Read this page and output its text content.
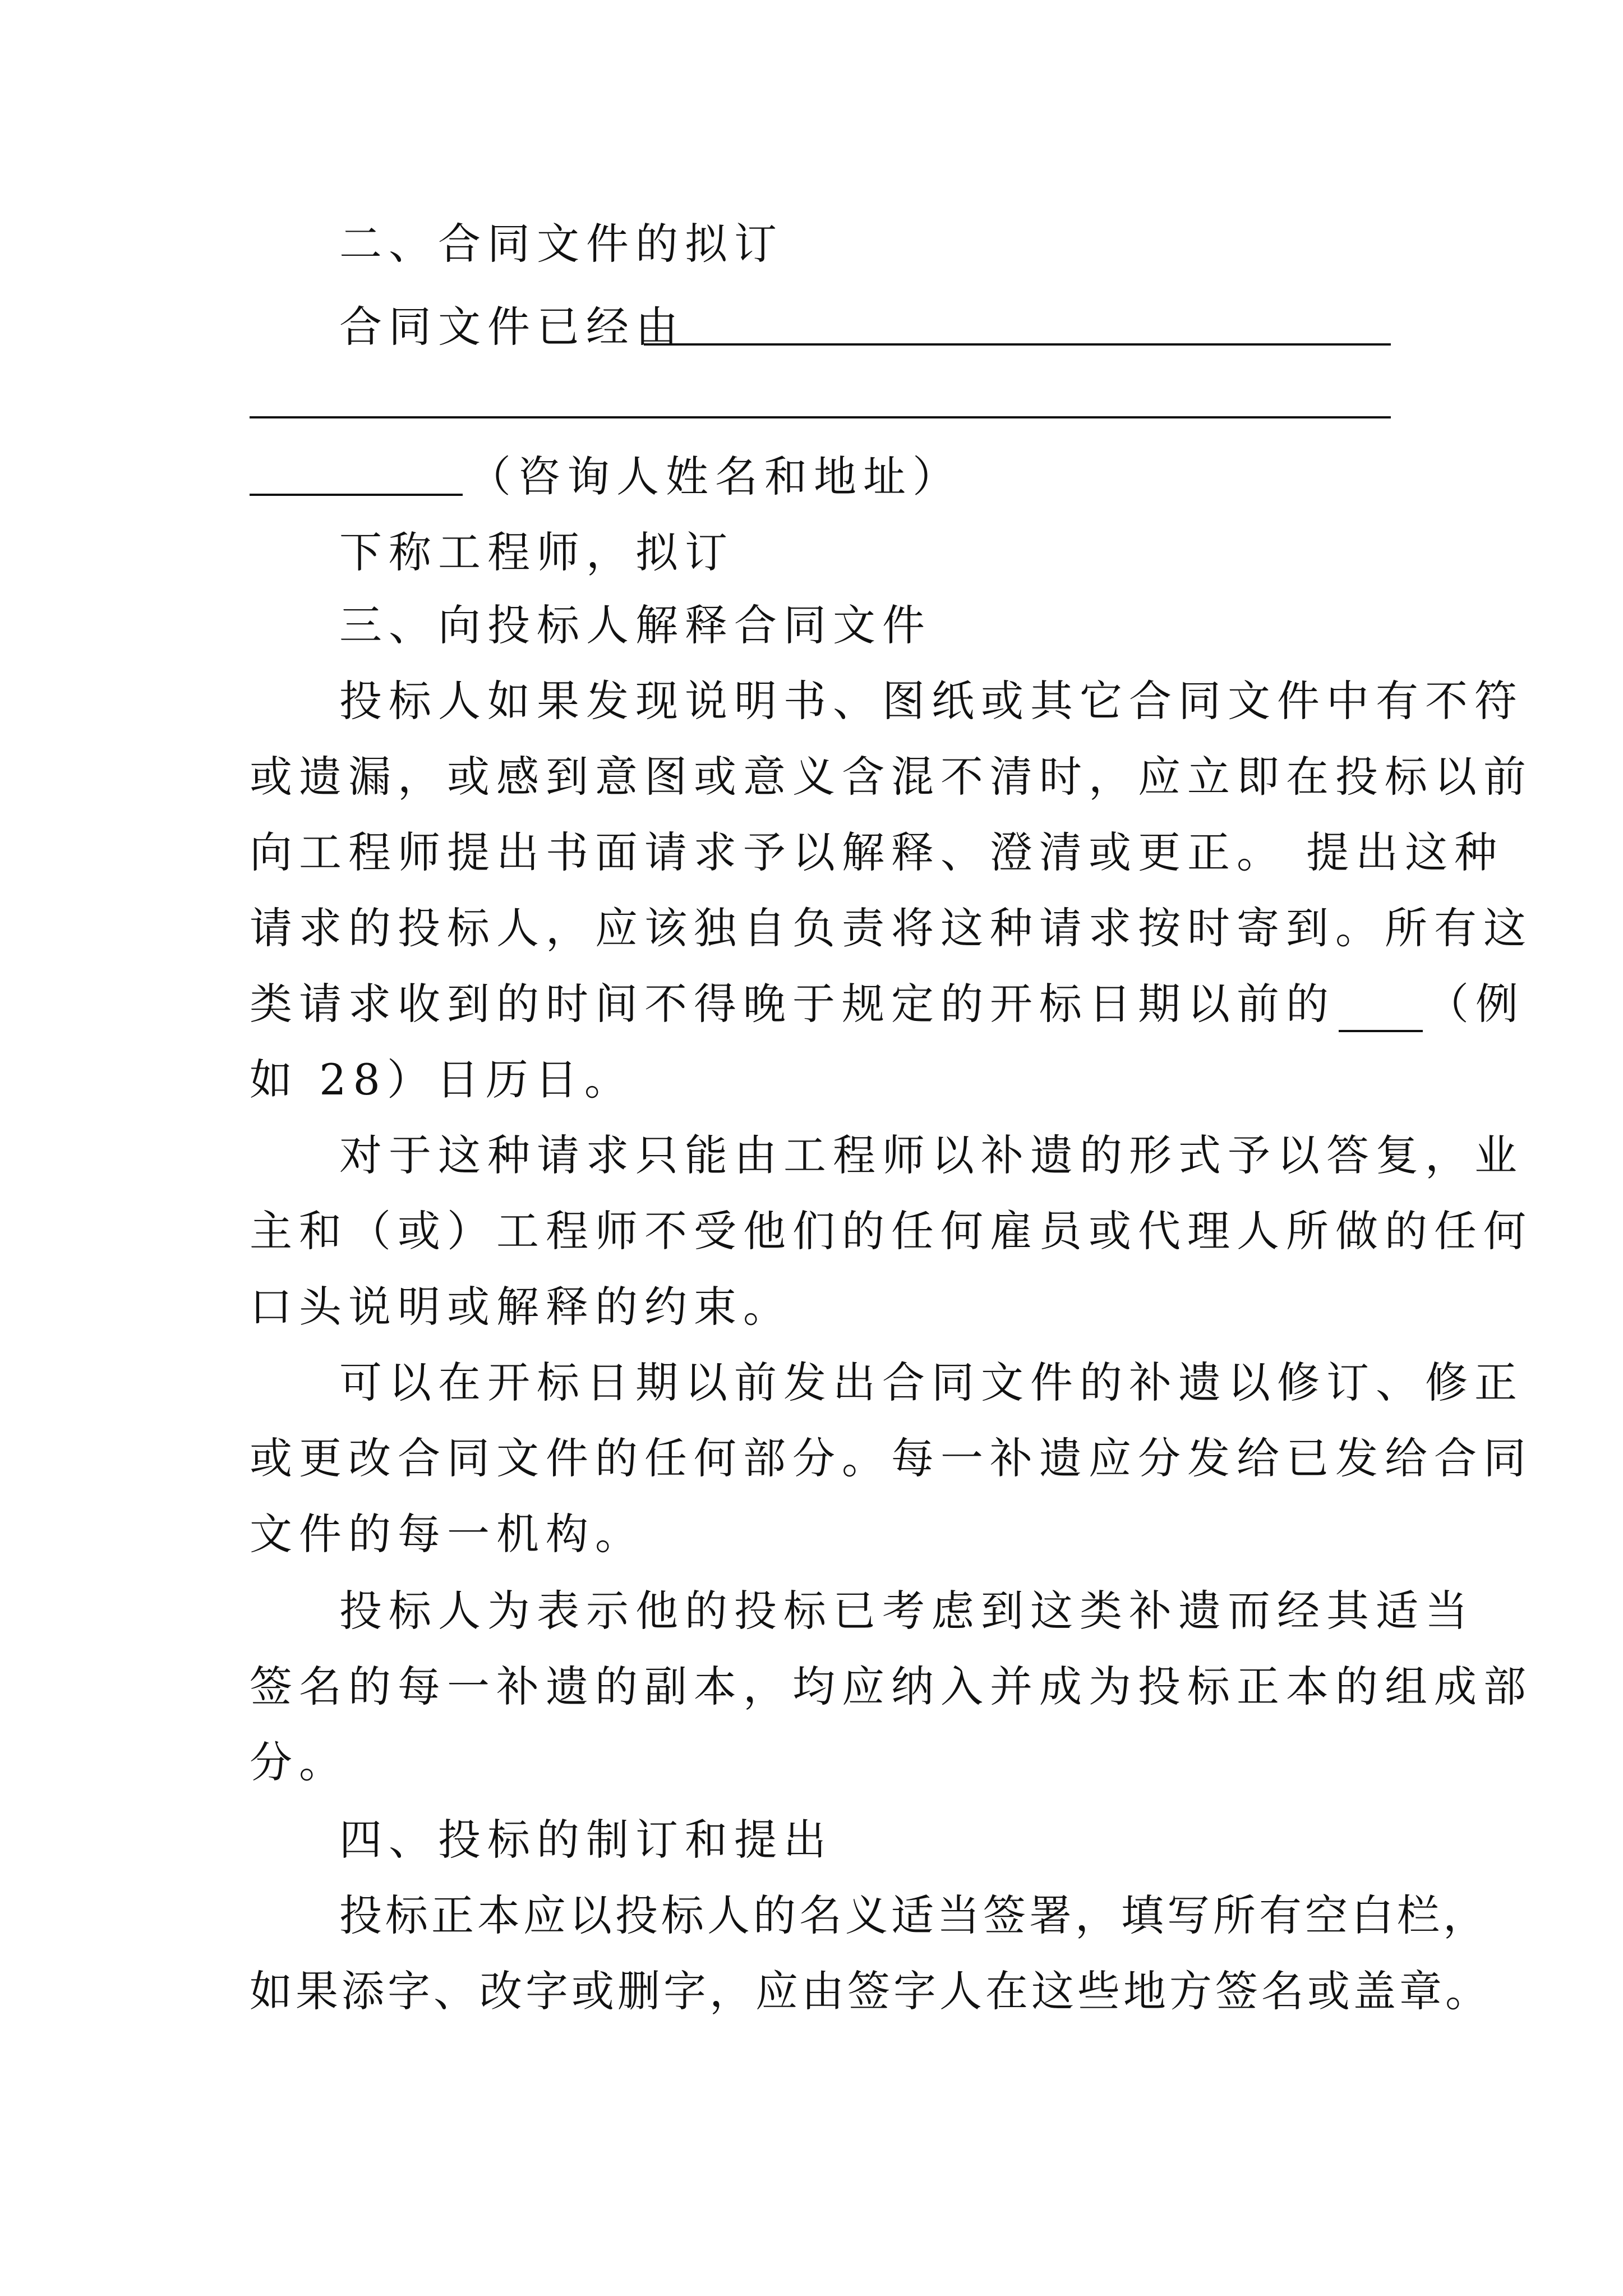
二、合同文件的拟订
合同文件已经由
（咨询人姓名和地址）
下称工程师，拟订
三、向投标人解释合同文件
投标人如果发现说明书、图纸或其它合同文件中有不符
或遗漏，或感到意图或意义含混不清时，应立即在投标以前
向工程师提出书面请求予以解释、澄清或更正。 提出这种
请求的投标人，应该独自负责将这种请求按时寄到。所有这
类请求收到的时间不得晚于规定的开标日期以前的 （例
如 28）日历日。
对于这种请求只能由工程师以补遗的形式予以答复，业
主和（或）工程师不受他们的任何雇员或代理人所做的任何
口头说明或解释的约束。
可以在开标日期以前发出合同文件的补遗以修订、修正
或更改合同文件的任何部分。每一补遗应分发给已发给合同
文件的每一机构。
投标人为表示他的投标已考虑到这类补遗而经其适当
签名的每一补遗的副本，均应纳入并成为投标正本的组成部
分。
四、投标的制订和提出
投标正本应以投标人的名义适当签署，填写所有空白栏，
如果添字、改字或删字，应由签字人在这些地方签名或盖章。
